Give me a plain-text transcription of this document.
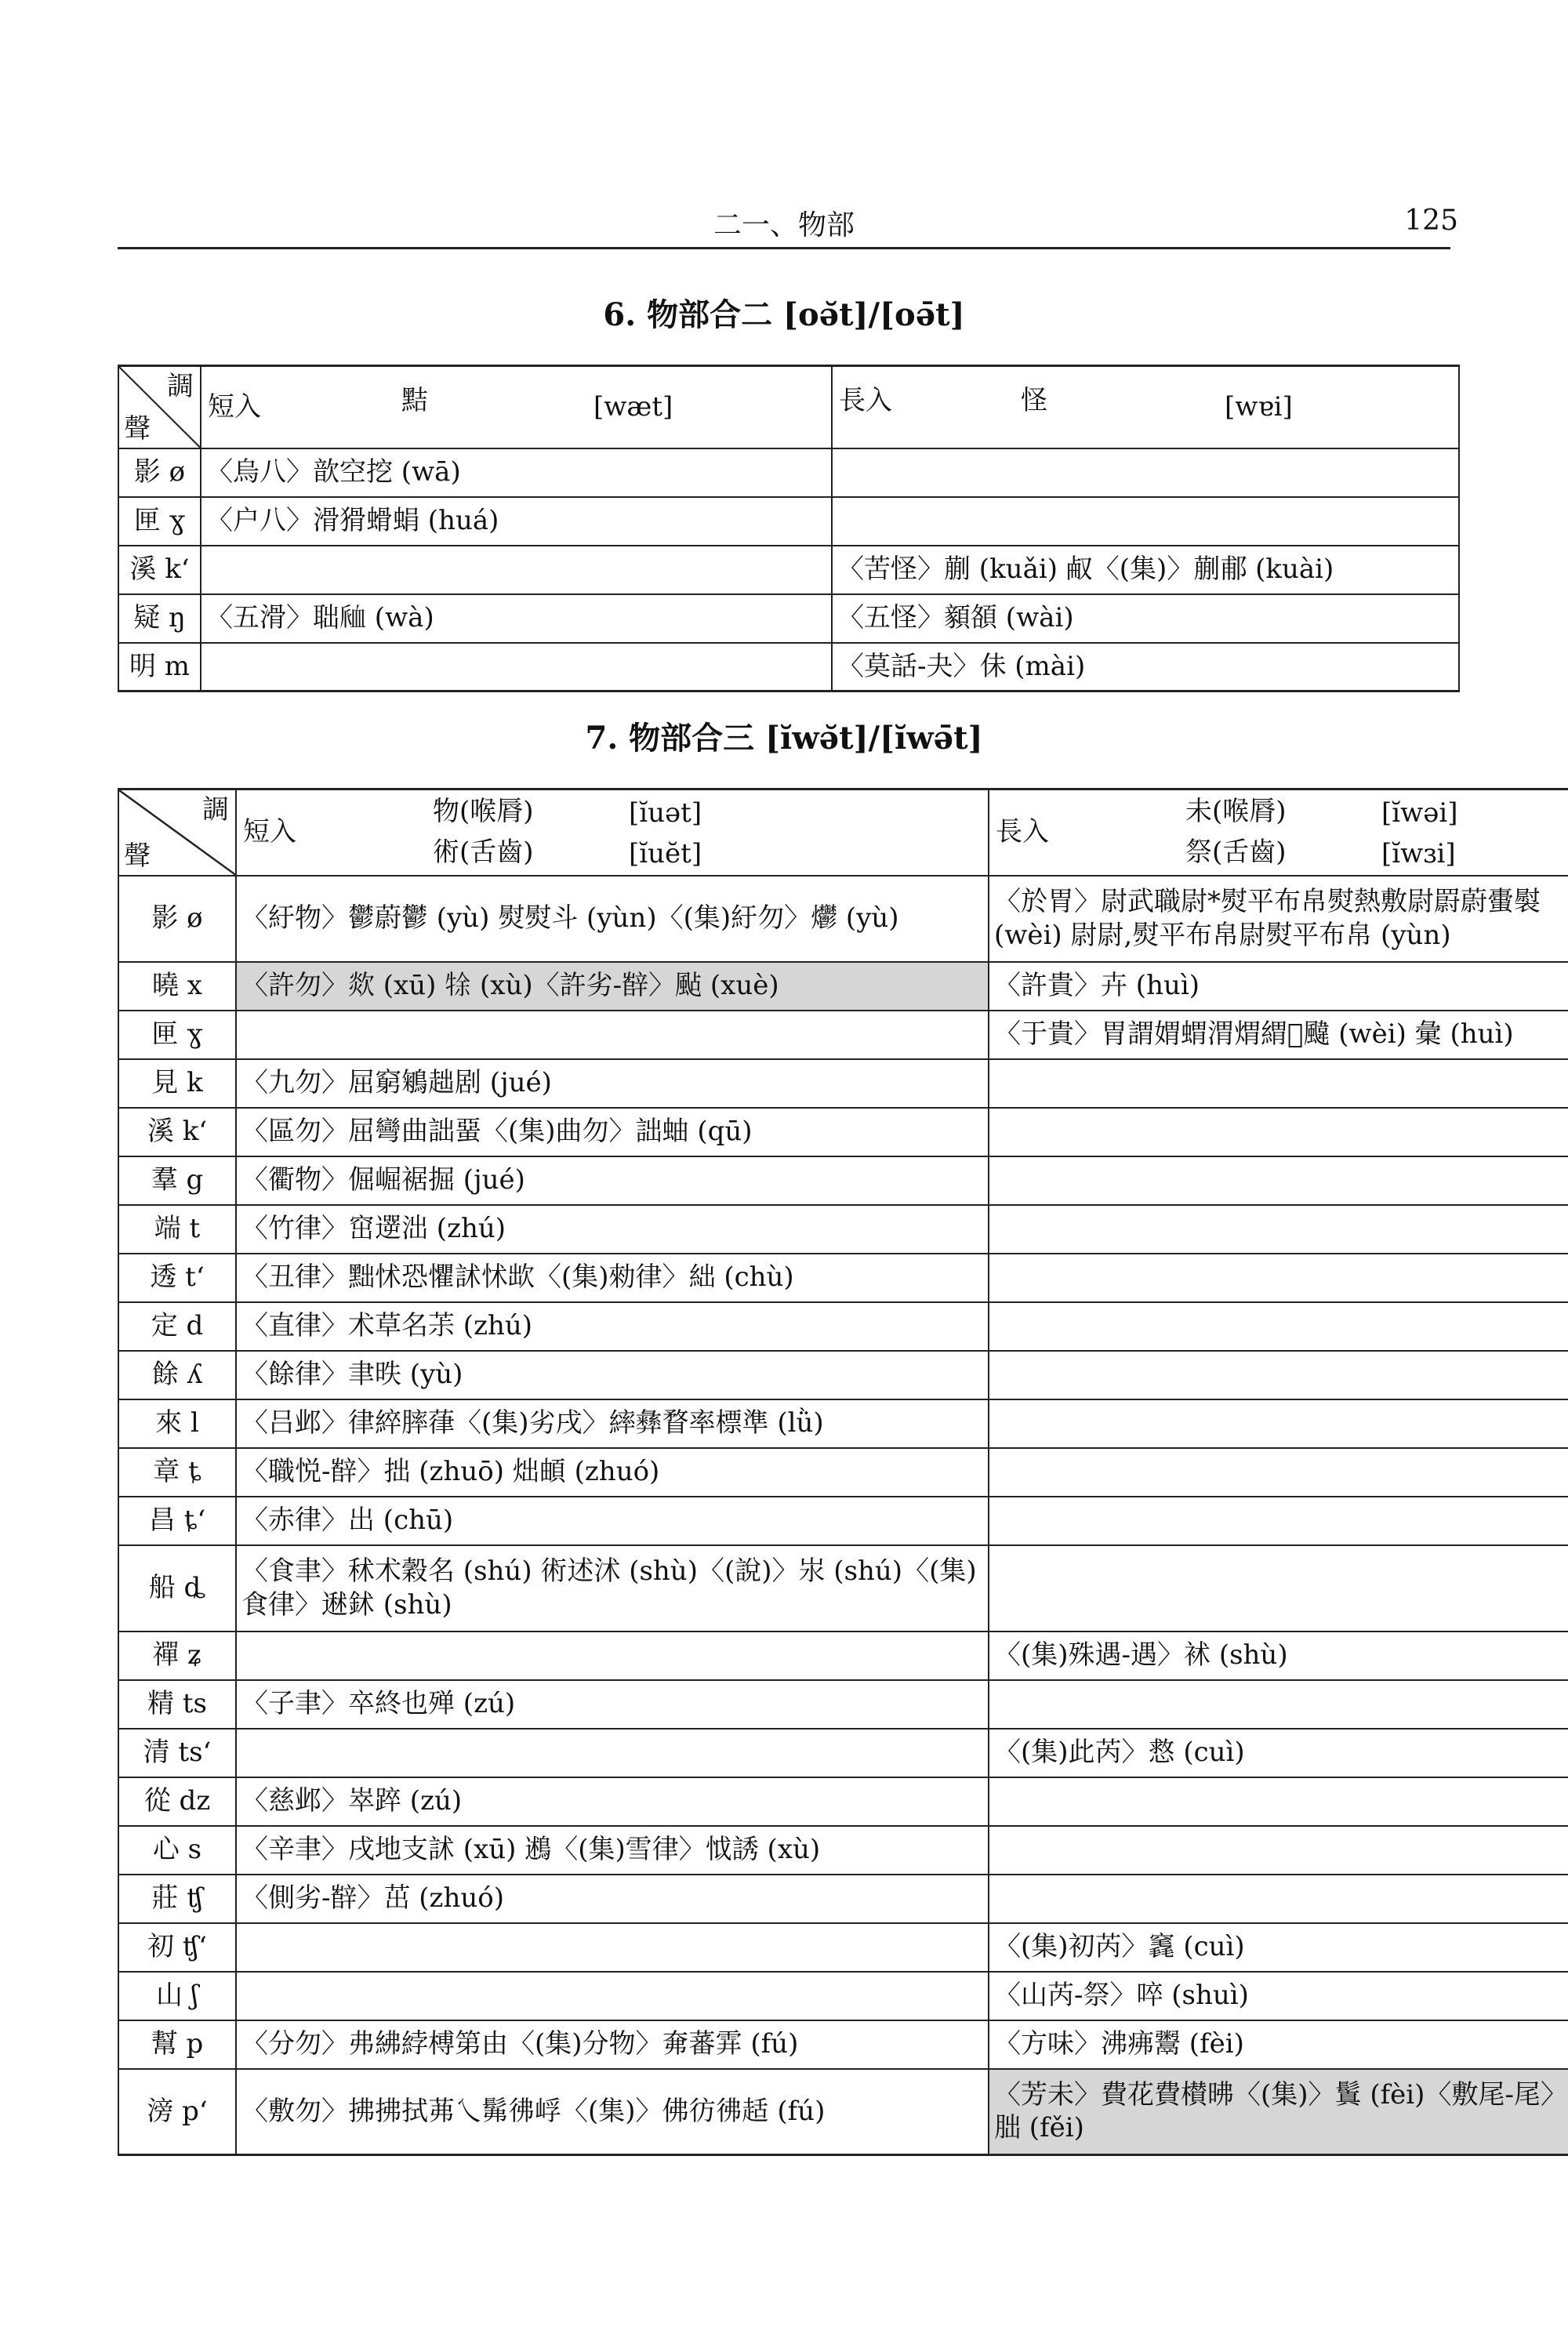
二一、物部	125
6. 物部合二 [oǝ̆t]/[oǝ̄t]
調
聲	短入 黠 [wæt]	長入 怪 [wɐi]

影 ø	〈烏八〉歆空挖 (wā)	
匣 ɣ	〈户八〉滑猾螖蜎 (huá)	
溪 k‘		〈苦怪〉蒯 (kuǎi) 㕟〈(集)〉蒯郙 (kuài)
疑 ŋ	〈五滑〉聉𧖴 (wà)	〈五怪〉顡頟 (wài)
明 m		〈莫話-夬〉佅 (mài)
7. 物部合三 [ĭwǝ̆t]/[ĭwǝ̄t]
調
聲	短入
物(喉脣) [ĭuǝt]
術(舌齒) [ĭuĕt]	長入
未(喉脣) [ĭwǝi]
祭(舌齒) [ĭwɜi]

影 ø	〈紆物〉鬱蔚鬱 (yù) 熨熨斗 (yùn)〈(集)紆勿〉爩 (yù)	〈於胃〉尉武職尉*熨平布帛熨熱敷尉罻蔚蟗褽 (wèi) 尉尉,熨平布帛尉熨平布帛 (yùn)
曉 x	〈許勿〉欻 (xū) 𤙛 (xù)〈許劣-辥〉颭 (xuè)	〈許貴〉卉 (huì)
匣 ɣ		〈于貴〉胃謂媦蝟渭煟緭𧷁颹 (wèi) 彙 (huì)
見 k	〈九勿〉屈窮鵴趉剧 (jué)	
溪 k‘	〈區勿〉屈彎曲詘蝁〈(集)曲勿〉詘蚰 (qū)	
羣 g	〈衢物〉倔崛裾掘 (jué)	
端 t	〈竹律〉窋遻泏 (zhú)	
透 t‘	〈丑律〉黜怵恐懼訹怵欪〈(集)勑律〉絀 (chù)	
定 d	〈直律〉术草名茮 (zhú)	
餘 ʎ	〈餘律〉聿昳 (yù)	
來 l	〈吕邺〉律綷膟葎〈(集)劣戌〉繂彝瞀率標準 (lǜ)	
章 ȶ	〈職悦-辥〉拙 (zhuō) 炪頔 (zhuó)	
昌 ȶ‘	〈赤律〉出 (chū)	
船 ȡ	〈食聿〉秫术穀名 (shú) 術述沭 (shù)〈(說)〉汖 (shú)〈(集)食律〉䢤鉥 (shù)	
禪 ʑ		〈(集)殊遇-遇〉䘤 (shù)
精 ts	〈子聿〉卒終也殚 (zú)	
清 ts‘		〈(集)此芮〉慦 (cuì)
從 dz	〈慈邺〉崒踤 (zú)	
心 s	〈辛聿〉戌地支訹 (xū) 鶐〈(集)雪律〉怴誘 (xù)	
莊 ʧ	〈側劣-辥〉茁 (zhuó)	
初 ʧ‘		〈(集)初芮〉竁 (cuì)
山 ʃ		〈山芮-祭〉啐 (shuì)
幫 p	〈分勿〉弗紼綍榑第由〈(集)分物〉㚕蕃䨍 (fú)	〈方味〉沸疿鬻 (fèi)
滂 p‘	〈敷勿〉拂拂拭茀乀髴彿㟊〈(集)〉佛彷彿趏 (fú)	〈芳未〉費花費櫕昲〈(集)〉鬒 (fèi)〈敷尾-尾〉朏 (fěi)
